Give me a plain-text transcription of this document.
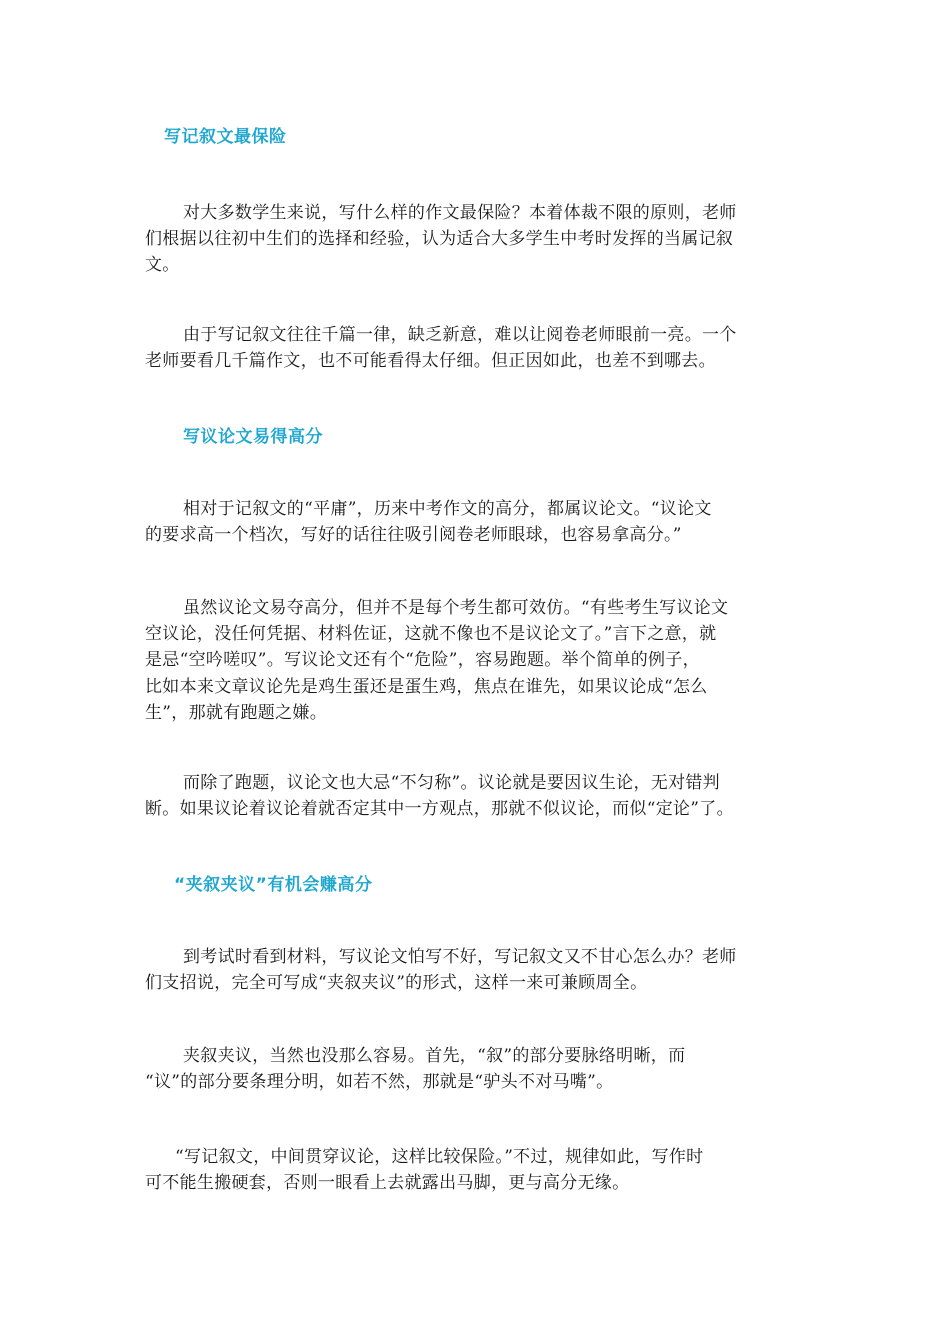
写记叙文最保险

对大多数学生来说，写什么样的作文最保险？本着体裁不限的原则，老师
们根据以往初中生们的选择和经验，认为适合大多学生中考时发挥的当属记叙
文。

由于写记叙文往往千篇一律，缺乏新意，难以让阅卷老师眼前一亮。一个
老师要看几千篇作文，也不可能看得太仔细。但正因如此，也差不到哪去。

写议论文易得高分

相对于记叙文的“平庸”，历来中考作文的高分，都属议论文。“议论文
的要求高一个档次，写好的话往往吸引阅卷老师眼球，也容易拿高分。”

虽然议论文易夺高分，但并不是每个考生都可效仿。“有些考生写议论文
空议论，没任何凭据、材料佐证，这就不像也不是议论文了。”言下之意，就
是忌“空吟嗟叹”。写议论文还有个“危险”，容易跑题。举个简单的例子，
比如本来文章议论先是鸡生蛋还是蛋生鸡，焦点在谁先，如果议论成“怎么
生”，那就有跑题之嫌。

而除了跑题，议论文也大忌“不匀称”。议论就是要因议生论，无对错判
断。如果议论着议论着就否定其中一方观点，那就不似议论，而似“定论”了。

“夹叙夹议”有机会赚高分

到考试时看到材料，写议论文怕写不好，写记叙文又不甘心怎么办？老师
们支招说，完全可写成“夹叙夹议”的形式，这样一来可兼顾周全。

夹叙夹议，当然也没那么容易。首先，“叙”的部分要脉络明晰，而
“议”的部分要条理分明，如若不然，那就是“驴头不对马嘴”。

“写记叙文，中间贯穿议论，这样比较保险。”不过，规律如此，写作时
可不能生搬硬套，否则一眼看上去就露出马脚，更与高分无缘。
